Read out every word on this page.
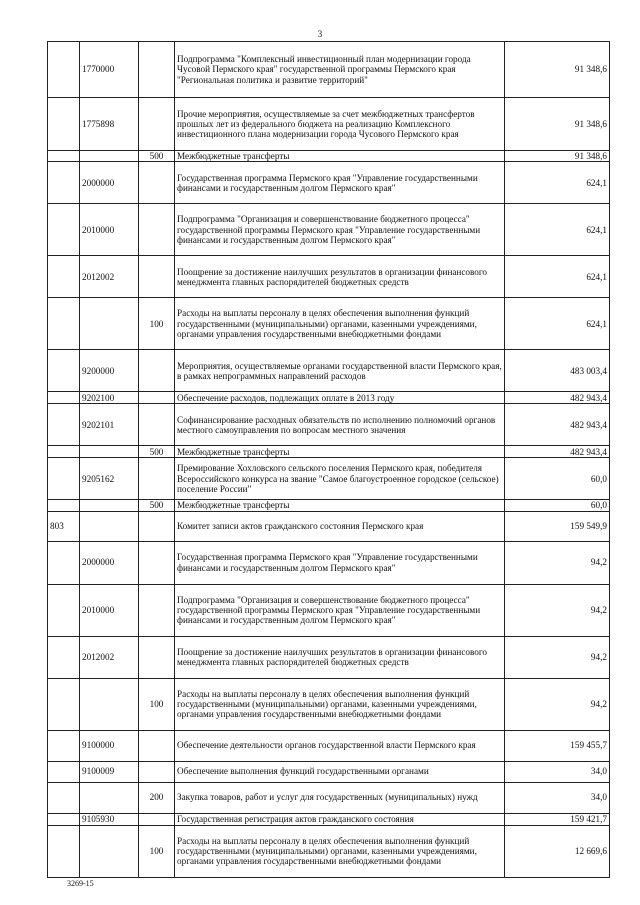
3
	1770000		Подпрограмма "Комплексный инвестиционный план модернизации города Чусовой Пермского края" государственной программы Пермского края "Региональная политика и развитие территорий"	91 348,6
	1775898		Прочие мероприятия, осуществляемые за счет межбюджетных трансфертов прошлых лет из федерального бюджета на реализацию Комплексного инвестиционного плана модернизации города Чусового Пермского края	91 348,6
		500	Межбюджетные трансферты	91 348,6
	2000000		Государственная программа Пермского края "Управление государственными финансами и государственным долгом Пермского края"	624,1
	2010000		Подпрограмма "Организация и совершенствование бюджетного процесса" государственной программы Пермского края "Управление государственными финансами и государственным долгом Пермского края"	624,1
	2012002		Поощрение за достижение наилучших результатов в организации финансового менеджмента главных распорядителей бюджетных средств	624,1
		100	Расходы на выплаты персоналу в целях обеспечения выполнения функций государственными (муниципальными) органами, казенными учреждениями, органами управления государственными внебюджетными фондами	624,1
	9200000		Мероприятия, осуществляемые органами государственной власти Пермского края, в рамках непрограммных направлений расходов	483 003,4
	9202100		Обеспечение расходов, подлежащих оплате в 2013 году	482 943,4
	9202101		Софинансирование расходных обязательств по исполнению полномочий органов местного самоуправления по вопросам местного значения	482 943,4
		500	Межбюджетные трансферты	482 943,4
	9205162		Премирование Хохловского сельского поселения Пермского края, победителя Всероссийского конкурса на звание "Самое благоустроенное городское (сельское) поселение России"	60,0
		500	Межбюджетные трансферты	60,0
803			Комитет записи актов гражданского состояния Пермского края	159 549,9
	2000000		Государственная программа Пермского края "Управление государственными финансами и государственным долгом Пермского края"	94,2
	2010000		Подпрограмма "Организация и совершенствование бюджетного процесса" государственной программы Пермского края "Управление государственными финансами и государственным долгом Пермского края"	94,2
	2012002		Поощрение за достижение наилучших результатов в организации финансового менеджмента главных распорядителей бюджетных средств	94,2
		100	Расходы на выплаты персоналу в целях обеспечения выполнения функций государственными (муниципальными) органами, казенными учреждениями, органами управления государственными внебюджетными фондами	94,2
	9100000		Обеспечение деятельности органов государственной власти Пермского края	159 455,7
	9100009		Обеспечение выполнения функций государственными органами	34,0
		200	Закупка товаров, работ и услуг для государственных (муниципальных) нужд	34,0
	9105930		Государственная регистрация актов гражданского состояния	159 421,7
		100	Расходы на выплаты персоналу в целях обеспечения выполнения функций государственными (муниципальными) органами, казенными учреждениями, органами управления государственными внебюджетными фондами	12 669,6
3269-15
